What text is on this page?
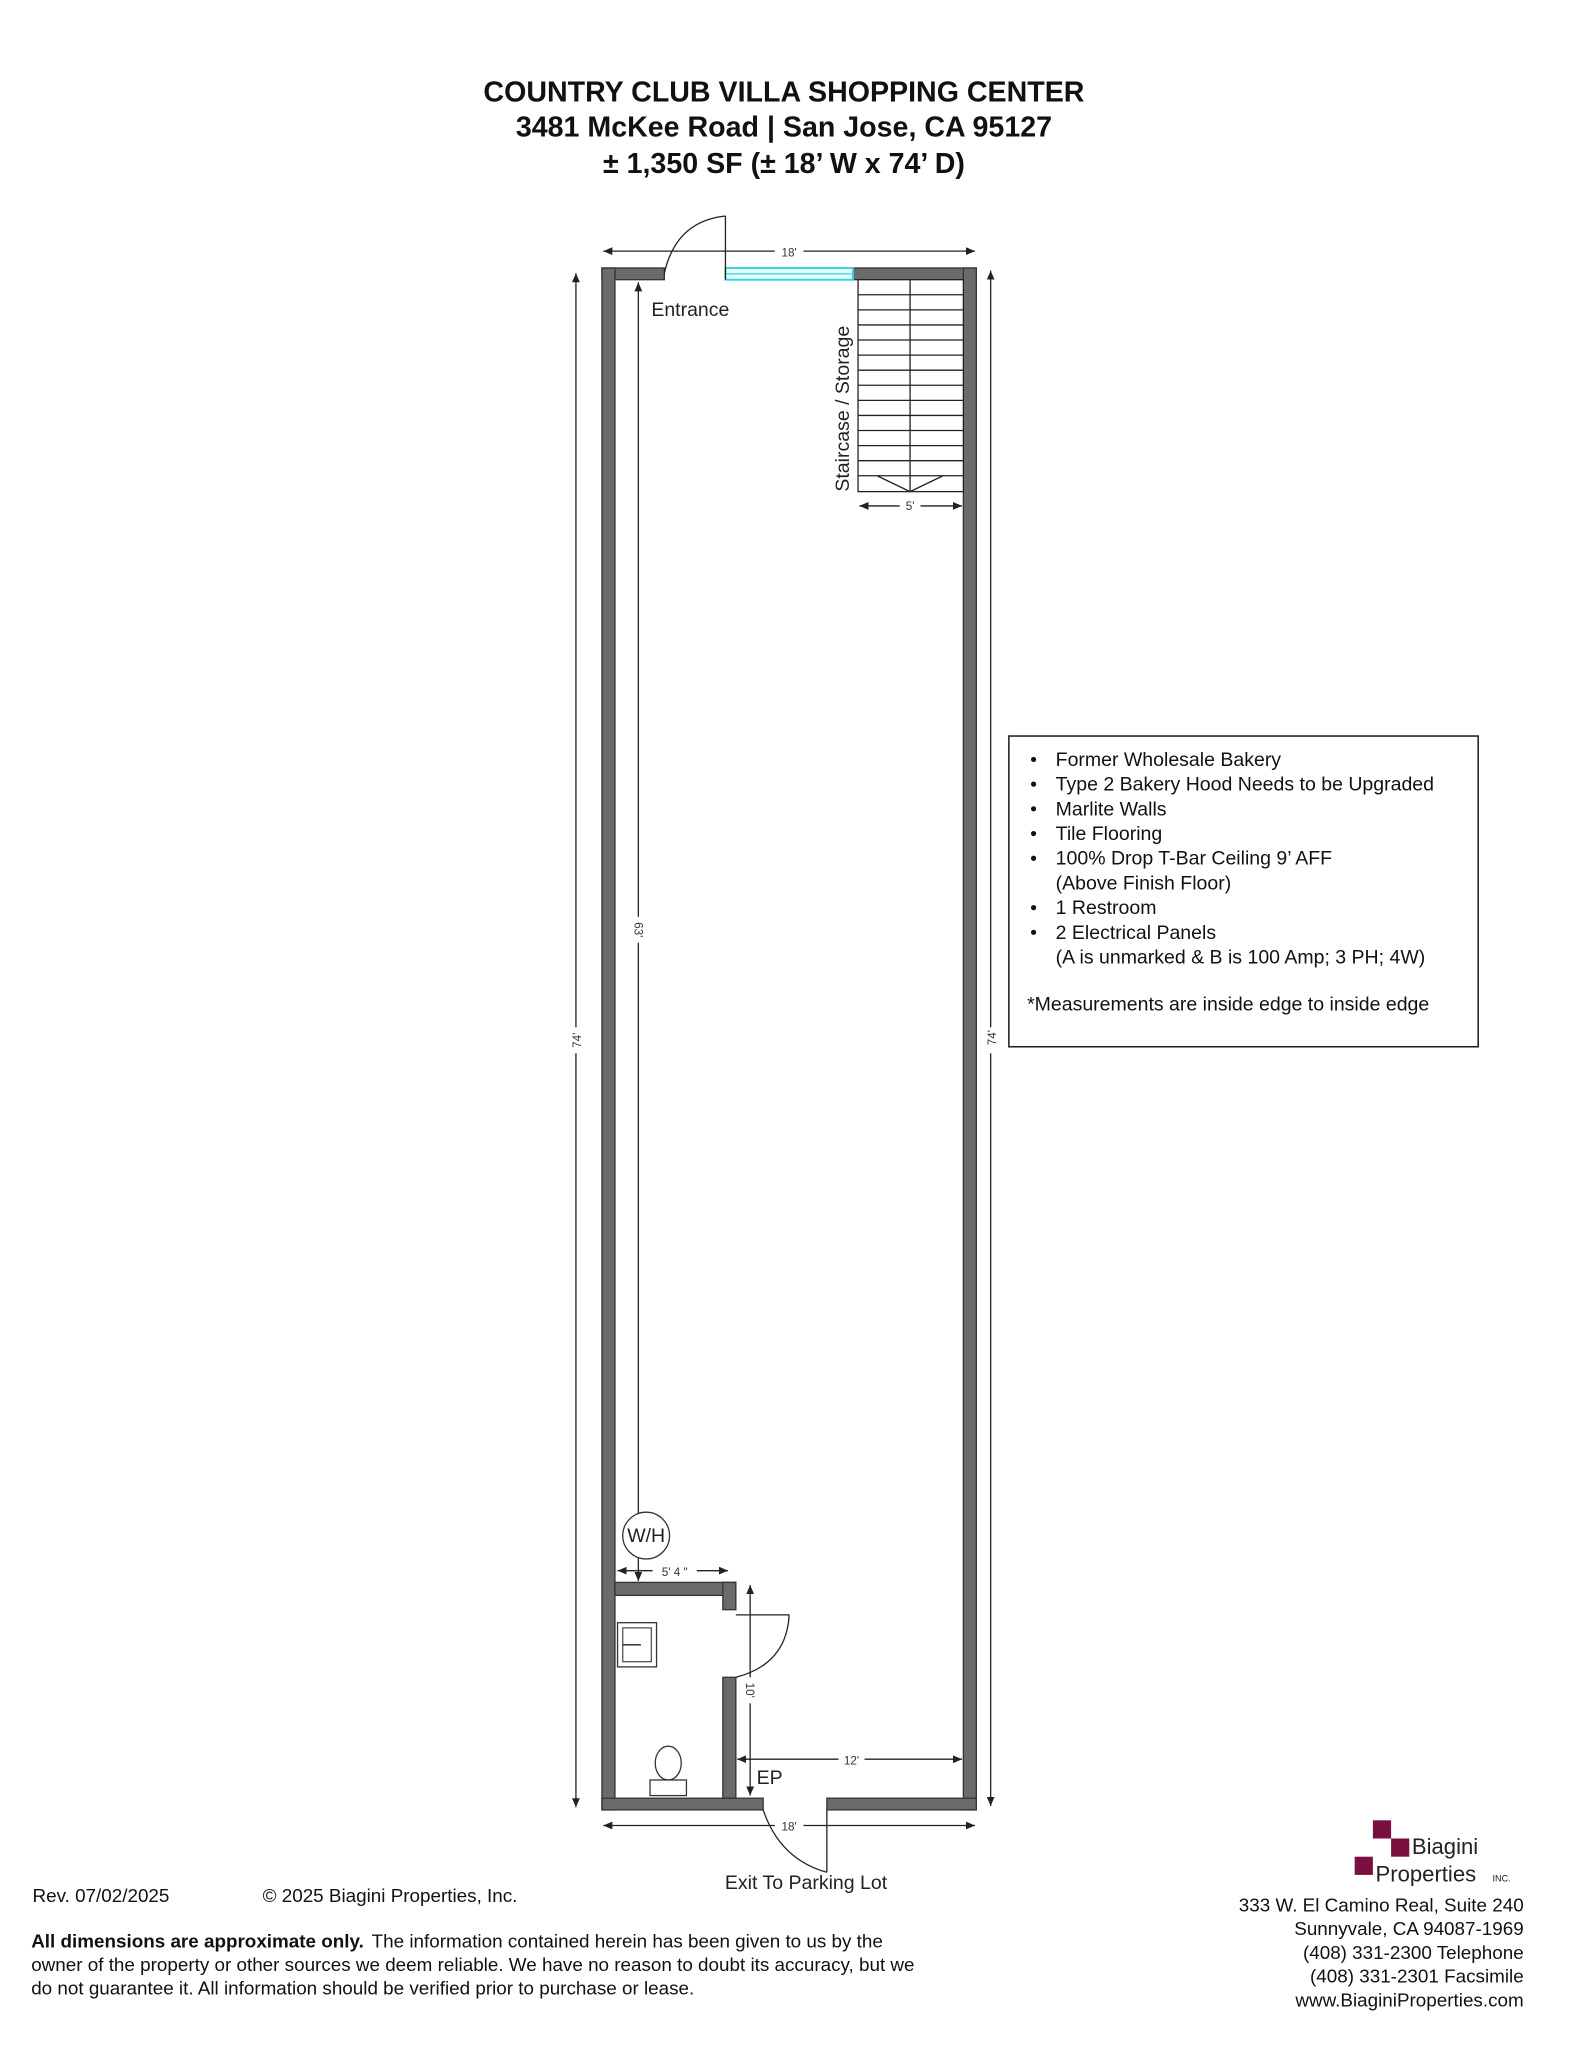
COUNTRY CLUB VILLA SHOPPING CENTER
3481 McKee Road | San Jose, CA 95127
± 1,350 SF (± 18’ W x 74’ D)
Entrance
Staircase / Storage
18'
74'	74'
63'
5'
W/H
5' 4 "
10'
12'
EP
18'
Exit To Parking Lot
Former Wholesale Bakery
Type 2 Bakery Hood Needs to be Upgraded
Marlite Walls
Tile Flooring
100% Drop T-Bar Ceiling 9’ AFF
1 Restroom
2 Electrical Panels
(Above Finish Floor)
(A is unmarked & B is 100 Amp; 3 PH; 4W)
*Measurements are inside edge to inside edge
Rev. 07/02/2025	© 2025 Biagini Properties, Inc.
All dimensions are approximate only. The information contained herein has been given to us by the
owner of the property or other sources we deem reliable. We have no reason to doubt its accuracy, but we
do not guarantee it. All information should be verified prior to purchase or lease.
Biagini
Properties INC.
333 W. El Camino Real, Suite 240
Sunnyvale, CA 94087-1969
(408) 331-2300 Telephone
(408) 331-2301 Facsimile
www.BiaginiProperties.com
